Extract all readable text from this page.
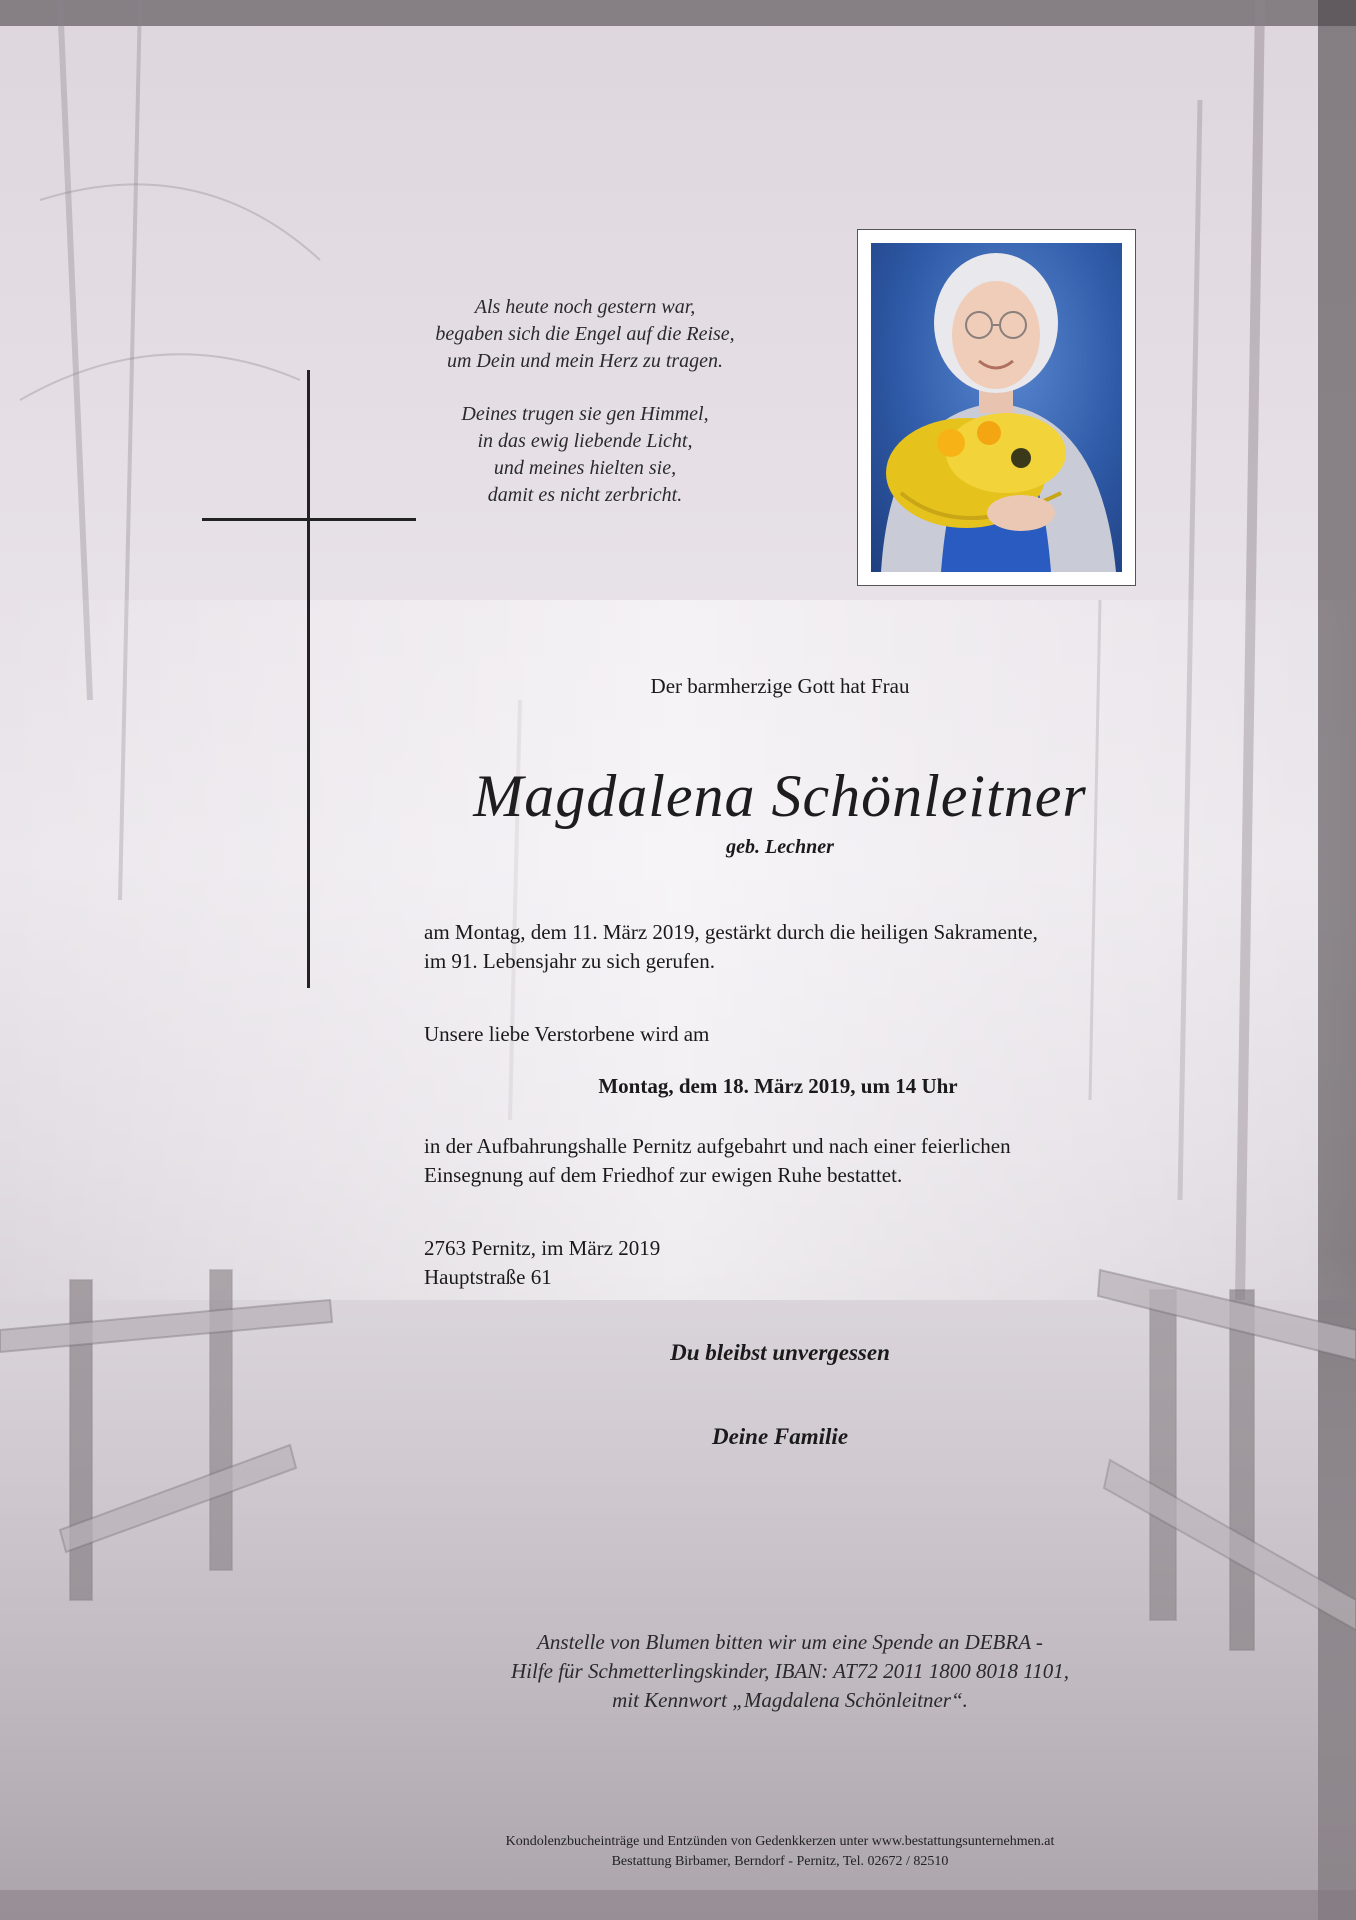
Als heute noch gestern war,
begaben sich die Engel auf die Reise,
um Dein und mein Herz zu tragen.
Deines trugen sie gen Himmel,
in das ewig liebende Licht,
und meines hielten sie,
damit es nicht zerbricht.
Der barmherzige Gott hat Frau
Magdalena Schönleitner
geb. Lechner
am Montag, dem 11. März 2019, gestärkt durch die heiligen Sakramente,
im 91. Lebensjahr zu sich gerufen.
Unsere liebe Verstorbene wird am
Montag, dem 18. März 2019, um 14 Uhr
in der Aufbahrungshalle Pernitz aufgebahrt und nach einer feierlichen
Einsegnung auf dem Friedhof zur ewigen Ruhe bestattet.
2763 Pernitz, im März 2019
Hauptstraße 61
Du bleibst unvergessen
Deine Familie
Anstelle von Blumen bitten wir um eine Spende an DEBRA -
Hilfe für Schmetterlingskinder, IBAN: AT72 2011 1800 8018 1101,
mit Kennwort „Magdalena Schönleitner“.
Kondolenzbucheinträge und Entzünden von Gedenkkerzen unter www.bestattungsunternehmen.at
Bestattung Birbamer, Berndorf - Pernitz, Tel. 02672 / 82510
